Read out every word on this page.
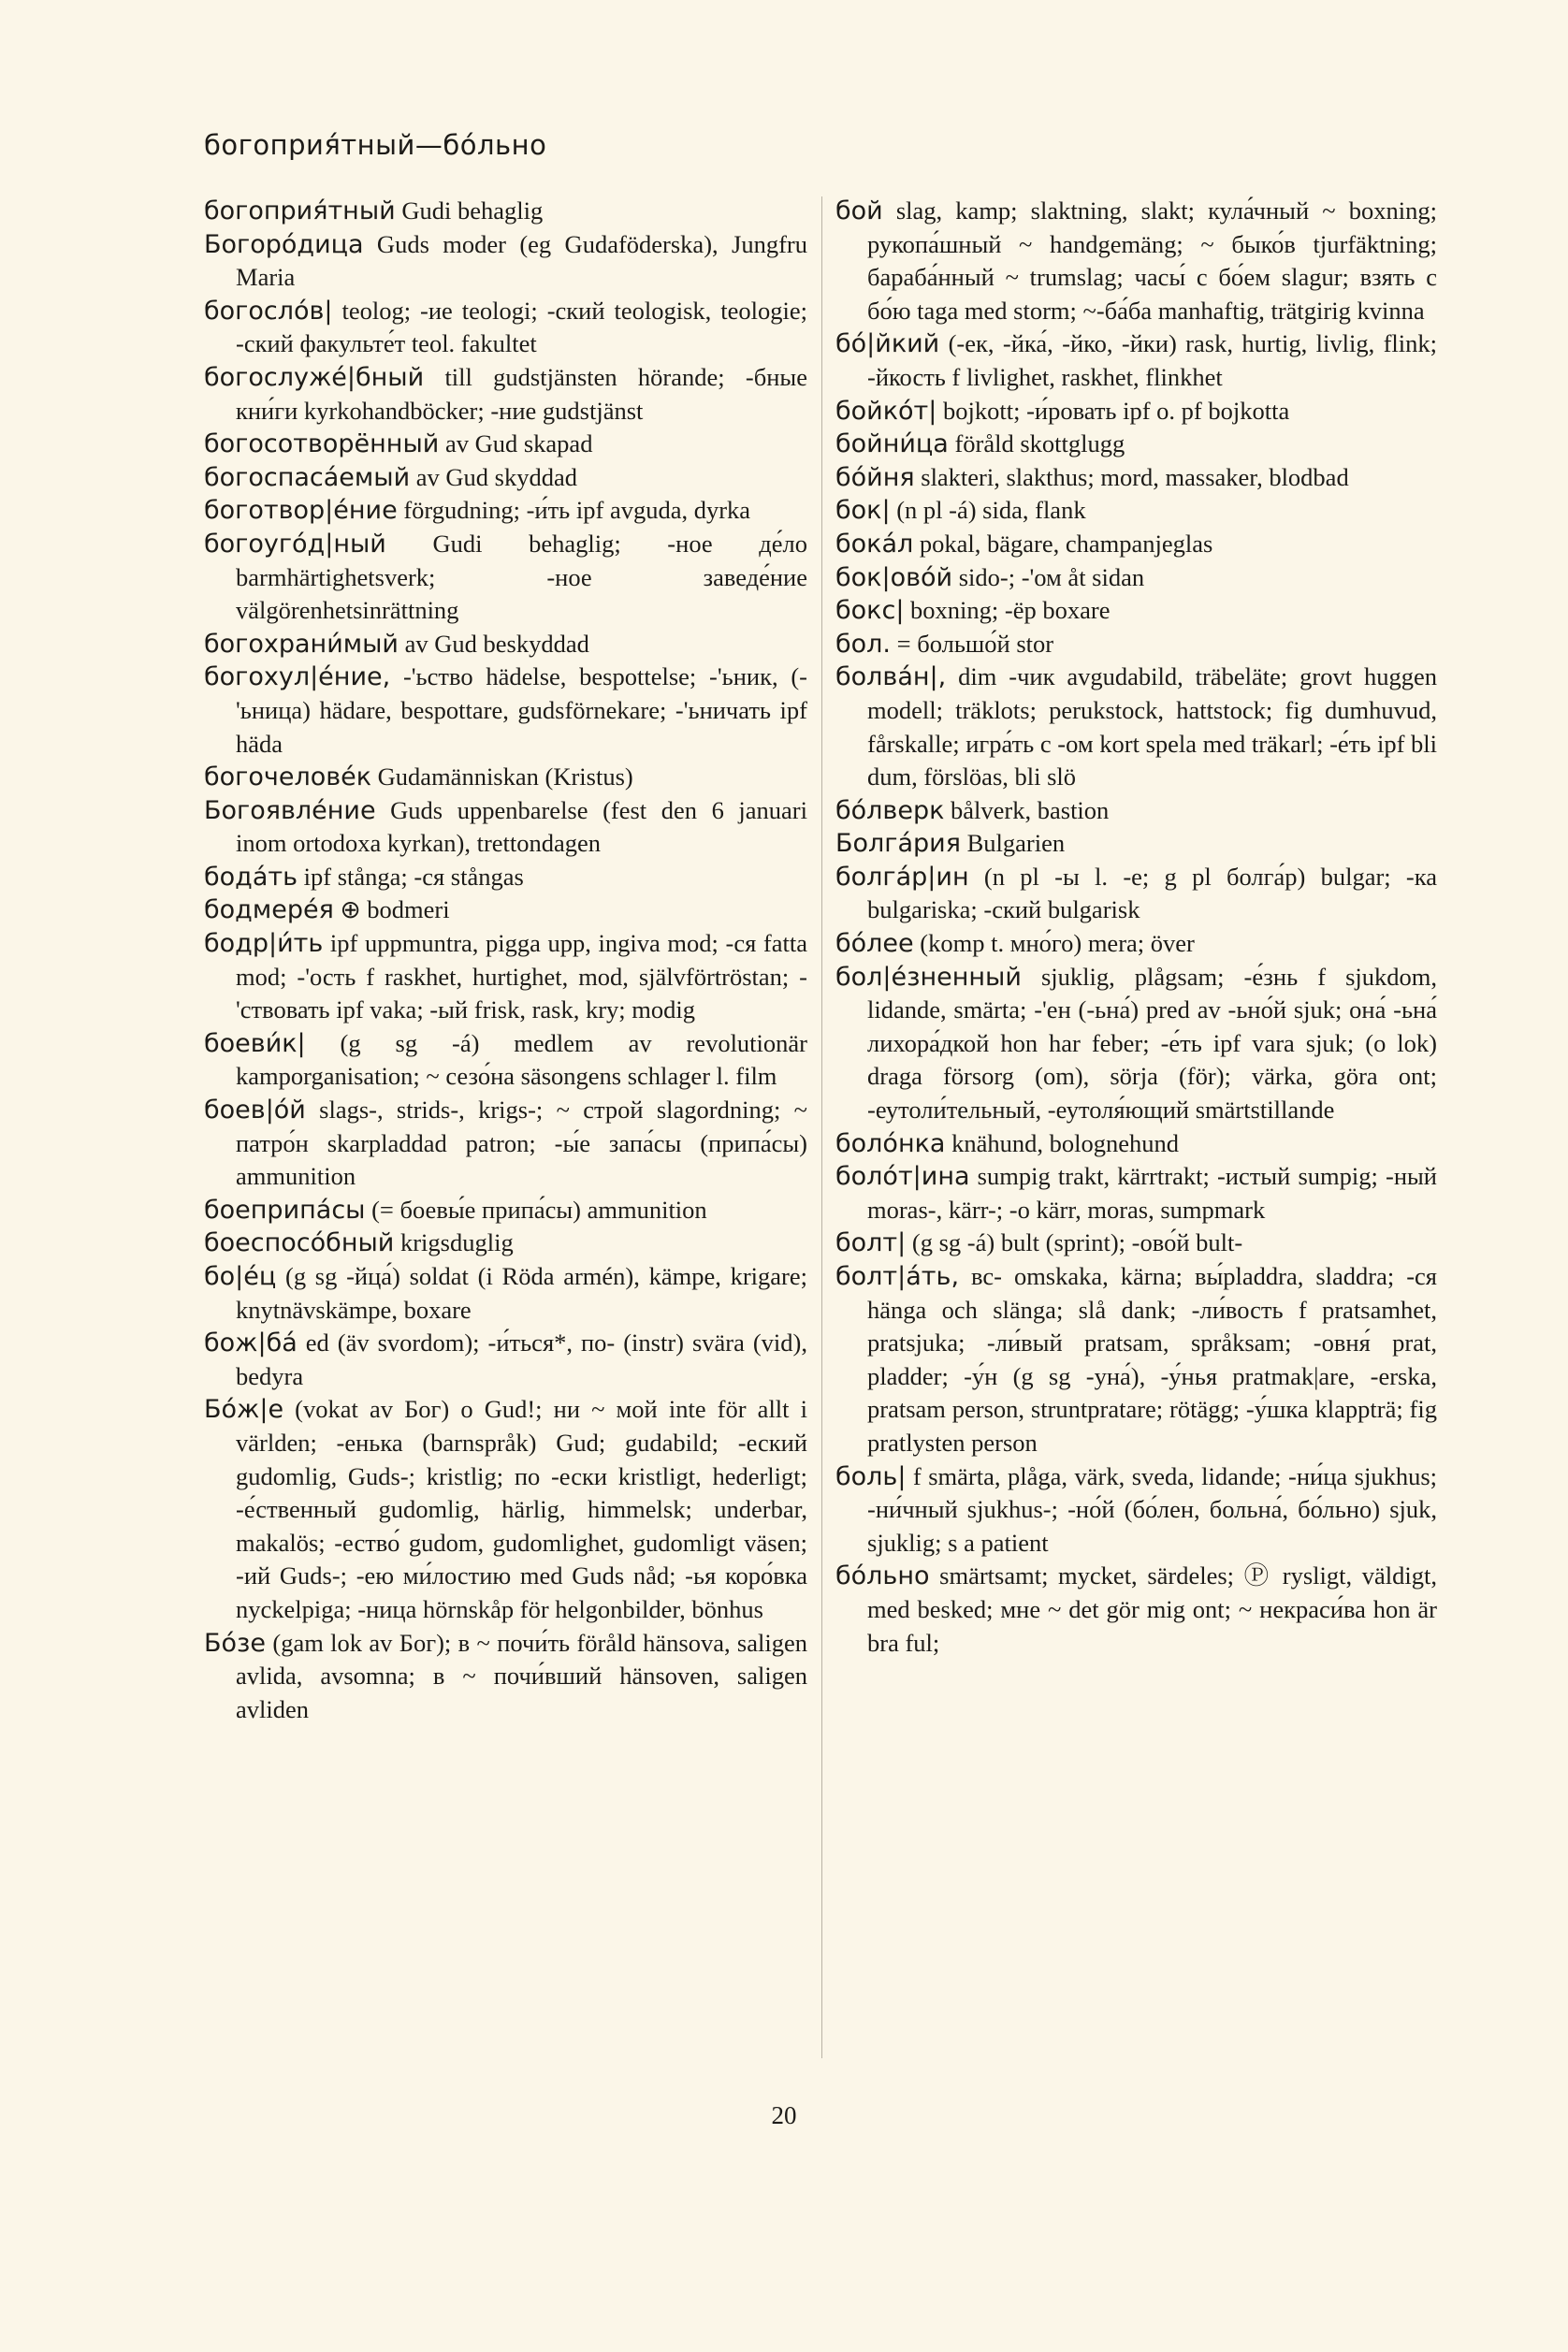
богоприя́тный—бо́льно

богоприя́тный Gudi behaglig

Богоро́дица Guds moder (eg Gudaföderska), Jungfru Maria

богосло́в| teolog; -ие teologi; -ский teologisk, teologie; -ский факульте́т teol. fakultet

богослуже́|бный till gudstjänsten hörande; -бные кни́ги kyrkohandböcker; -ние gudstjänst

богосотворённый av Gud skapad

богоспаса́емый av Gud skyddad

боготвор|е́ние förgudning; -и́ть ipf avguda, dyrka

богоуго́д|ный Gudi behaglig; -ное де́ло barmhärtighetsverk; -ное заведе́ние välgörenhetsinrättning

богохрани́мый av Gud beskyddad

богохул|е́ние, -'ьство hädelse, bespottelse; -'ьник, (-'ьница) hädare, bespottare, gudsförnekare; -'ьничать ipf häda

богочелове́к Gudamänniskan (Kristus)

Богоявле́ние Guds uppenbarelse (fest den 6 januari inom ortodoxa kyrkan), trettondagen

бода́ть ipf stånga; -ся stångas

бодмере́я ⊕ bodmeri

бодр|и́ть ipf uppmuntra, pigga upp, ingiva mod; -ся fatta mod; -'ость f raskhet, hurtighet, mod, självförtröstan; -'ствовать ipf vaka; -ый frisk, rask, kry; modig

боеви́к| (g sg -á) medlem av revolutionär kamporganisation; ~ сезо́на säsongens schlager l. film

боев|о́й slags-, strids-, krigs-; ~ строй slagordning; ~ патро́н skarpladdad patron; -ы́е запа́сы (припа́сы) ammunition

боеприпа́сы (= боевы́е припа́сы) ammunition

боеспосо́бный krigsduglig

бо|е́ц (g sg -йца́) soldat (i Röda armén), kämpe, krigare; knytnävskämpe, boxare

бож|ба́ ed (äv svordom); -и́ться*, по- (instr) svära (vid), bedyra

Бо́ж|е (vokat av Бог) o Gud!; ни ~ мой inte för allt i världen; -енька (barnspråk) Gud; gudabild; -еский gudomlig, Guds-; kristlig; по -ески kristligt, hederligt; -е́ственный gudomlig, härlig, himmelsk; underbar, makalös; -ество́ gudom, gudomlighet, gudomligt väsen; -ий Guds-; -ею ми́лостию med Guds nåd; -ья коро́вка nyckelpiga; -ница hörnskåp för helgonbilder, bönhus

Бо́зе (gam lok av Бог); в ~ почи́ть föråld hänsova, saligen avlida, avsomna; в ~ почи́вший hänsoven, saligen avliden

бой slag, kamp; slaktning, slakt; кула́чный ~ boxning; рукопа́шный ~ handgemäng; ~ быко́в tjurfäktning; бараба́нный ~ trumslag; часы́ с бо́ем slagur; взять с бо́ю taga med storm; ~-ба́ба manhaftig, trätgirig kvinna

бо́|йкий (-ек, -йка́, -йко, -йки) rask, hurtig, livlig, flink; -йкость f livlighet, raskhet, flinkhet

бойко́т| bojkott; -и́ровать ipf o. pf bojkotta

бойни́ца föråld skottglugg

бо́йня slakteri, slakthus; mord, massaker, blodbad

бок| (n pl -á) sida, flank

бока́л pokal, bägare, champanjeglas

бок|ово́й sido-; -'ом åt sidan

бокс| boxning; -ёр boxare

бол. = большо́й stor

болва́н|, dim -чик avgudabild, träbeläte; grovt huggen modell; träklots; perukstock, hattstock; fig dumhuvud, fårskalle; игра́ть с -ом kort spela med träkarl; -е́ть ipf bli dum, förslöas, bli slö

бо́лверк bålverk, bastion

Болга́рия Bulgarien

болга́р|ин (n pl -ы l. -е; g pl болга́р) bulgar; -ка bulgariska; -ский bulgarisk

бо́лее (komp t. мно́го) mera; över

бол|е́зненный sjuklig, plågsam; -е́знь f sjukdom, lidande, smärta; -'ен (-ьна́) pred av -ьно́й sjuk; она́ -ьна́ лихора́дкой hon har feber; -е́ть ipf vara sjuk; (o lok) draga försorg (om), sörja (för); värka, göra ont; -еутоли́тельный, -еутоля́ющий smärtstillande

боло́нка knähund, bolognehund

боло́т|ина sumpig trakt, kärrtrakt; -истый sumpig; -ный moras-, kärr-; -о kärr, moras, sumpmark

болт| (g sg -á) bult (sprint); -ово́й bult-

болт|а́ть, вс- omskaka, kärna; вы́pladdra, sladdra; -ся hänga och slänga; slå dank; -ли́вость f pratsamhet, pratsjuka; -ли́вый pratsam, språksam; -овня́ prat, pladder; -у́н (g sg -уна́), -у́нья pratmak|are, -erska, pratsam person, struntpratare; rötägg; -у́шка klappträ; fig pratlysten person

боль| f smärta, plåga, värk, sveda, lidande; -ни́ца sjukhus; -ни́чный sjukhus-; -но́й (бо́лен, больна́, бо́льно) sjuk, sjuklig; s a patient

бо́льно smärtsamt; mycket, särdeles; Ⓟ rysligt, väldigt, med besked; мне ~ det gör mig ont; ~ некраси́ва hon är bra ful;

20
